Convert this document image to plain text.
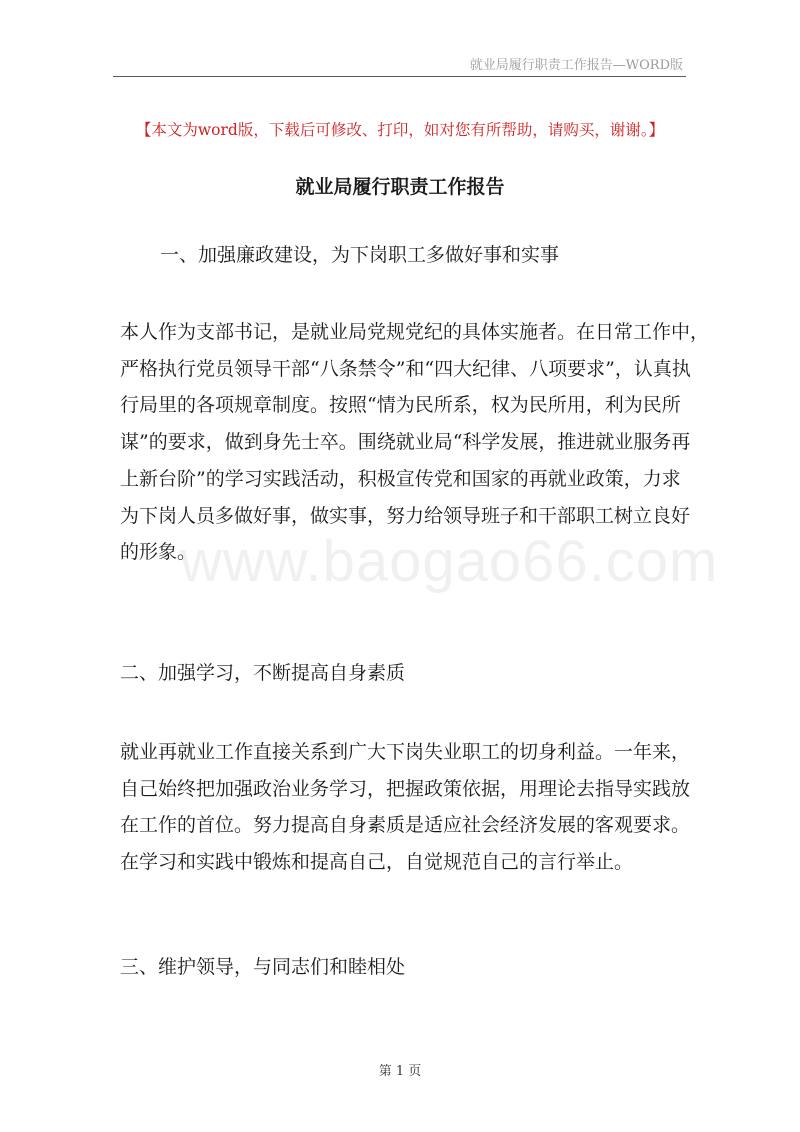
就业局履行职责工作报告—WORD版
【本文为word版，下载后可修改、打印，如对您有所帮助，请购买，谢谢。】
就业局履行职责工作报告
一、加强廉政建设，为下岗职工多做好事和实事

本人作为支部书记，是就业局党规党纪的具体实施者。在日常工作中，
严格执行党员领导干部“八条禁令”和“四大纪律、八项要求”，认真执
行局里的各项规章制度。按照“情为民所系，权为民所用，利为民所
谋”的要求，做到身先士卒。围绕就业局“科学发展，推进就业服务再
上新台阶”的学习实践活动，积极宣传党和国家的再就业政策，力求
为下岗人员多做好事，做实事，努力给领导班子和干部职工树立良好
的形象。

www.baogao66.com
二、加强学习，不断提高自身素质

就业再就业工作直接关系到广大下岗失业职工的切身利益。一年来，
自己始终把加强政治业务学习，把握政策依据，用理论去指导实践放
在工作的首位。努力提高自身素质是适应社会经济发展的客观要求。
在学习和实践中锻炼和提高自己，自觉规范自己的言行举止。

三、维护领导，与同志们和睦相处
第 1 页
